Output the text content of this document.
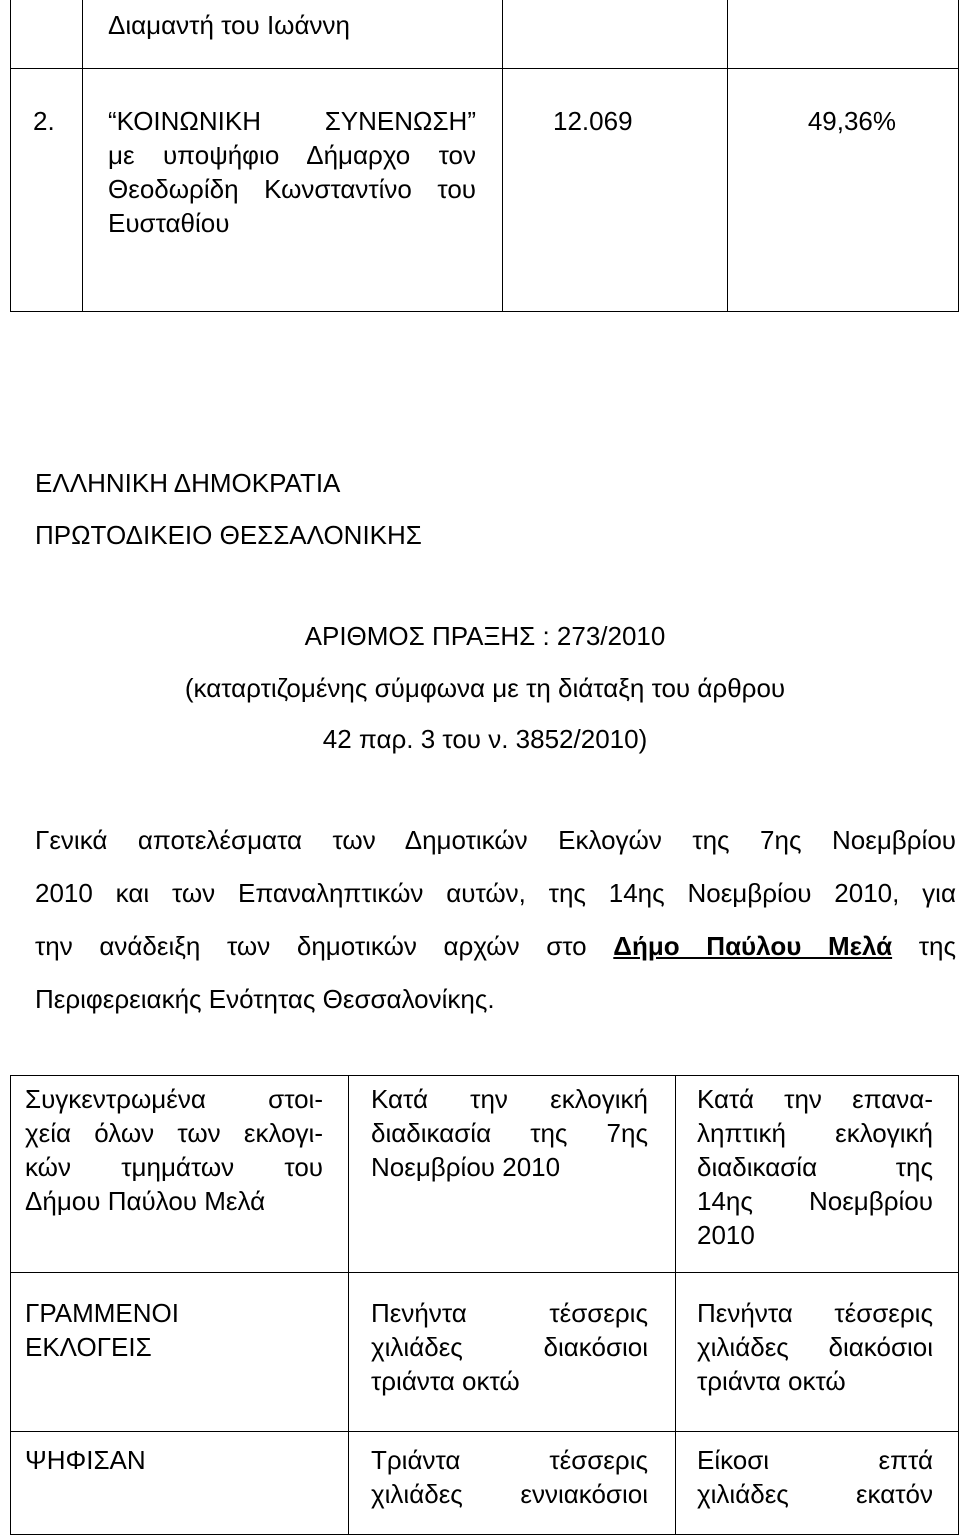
Διαμαντή του Ιωάννη
2. “ΚΟΙΝΩΝΙΚΗ ΣΥΝΕΝΩΣΗ”
με υποψήφιο Δήμαρχο τον
Θεοδωρίδη Κωνσταντίνο του
Ευσταθίου
12.069	49,36%
ΕΛΛΗΝΙΚΗ ΔΗΜΟΚΡΑΤΙΑ
ΠΡΩΤΟΔΙΚΕΙΟ ΘΕΣΣΑΛΟΝΙΚΗΣ
ΑΡΙΘΜΟΣ ΠΡΑΞΗΣ : 273/2010
(καταρτιζομένης σύμφωνα με τη διάταξη του άρθρου
42 παρ. 3 του ν. 3852/2010)
Γενικά αποτελέσματα των Δημοτικών Εκλογών της 7ης Νοεμβρίου
2010 και των Επαναληπτικών αυτών, της 14ης Νοεμβρίου 2010, για
την ανάδειξη των δημοτικών αρχών στο Δήμο Παύλου Μελά της
Περιφερειακής Ενότητας Θεσσαλονίκης.
Συγκεντρωμένα στοι-
χεία όλων των εκλογι-
κών τμημάτων του
Δήμου Παύλου Μελά
Κατά την εκλογική
διαδικασία της 7ης
Νοεμβρίου 2010
Κατά την επανα-
ληπτική εκλογική
διαδικασία της
14ης Νοεμβρίου
2010
ΓΡΑΜΜΕΝΟΙ
ΕΚΛΟΓΕΙΣ
Πενήντα τέσσερις
χιλιάδες διακόσιοι
τριάντα οκτώ
Πενήντα τέσσερις
χιλιάδες διακόσιοι
τριάντα οκτώ
ΨΗΦΙΣΑΝ	Τριάντα τέσσερις
χιλιάδες εννιακόσιοι
Είκοσι επτά
χιλιάδες εκατόν
